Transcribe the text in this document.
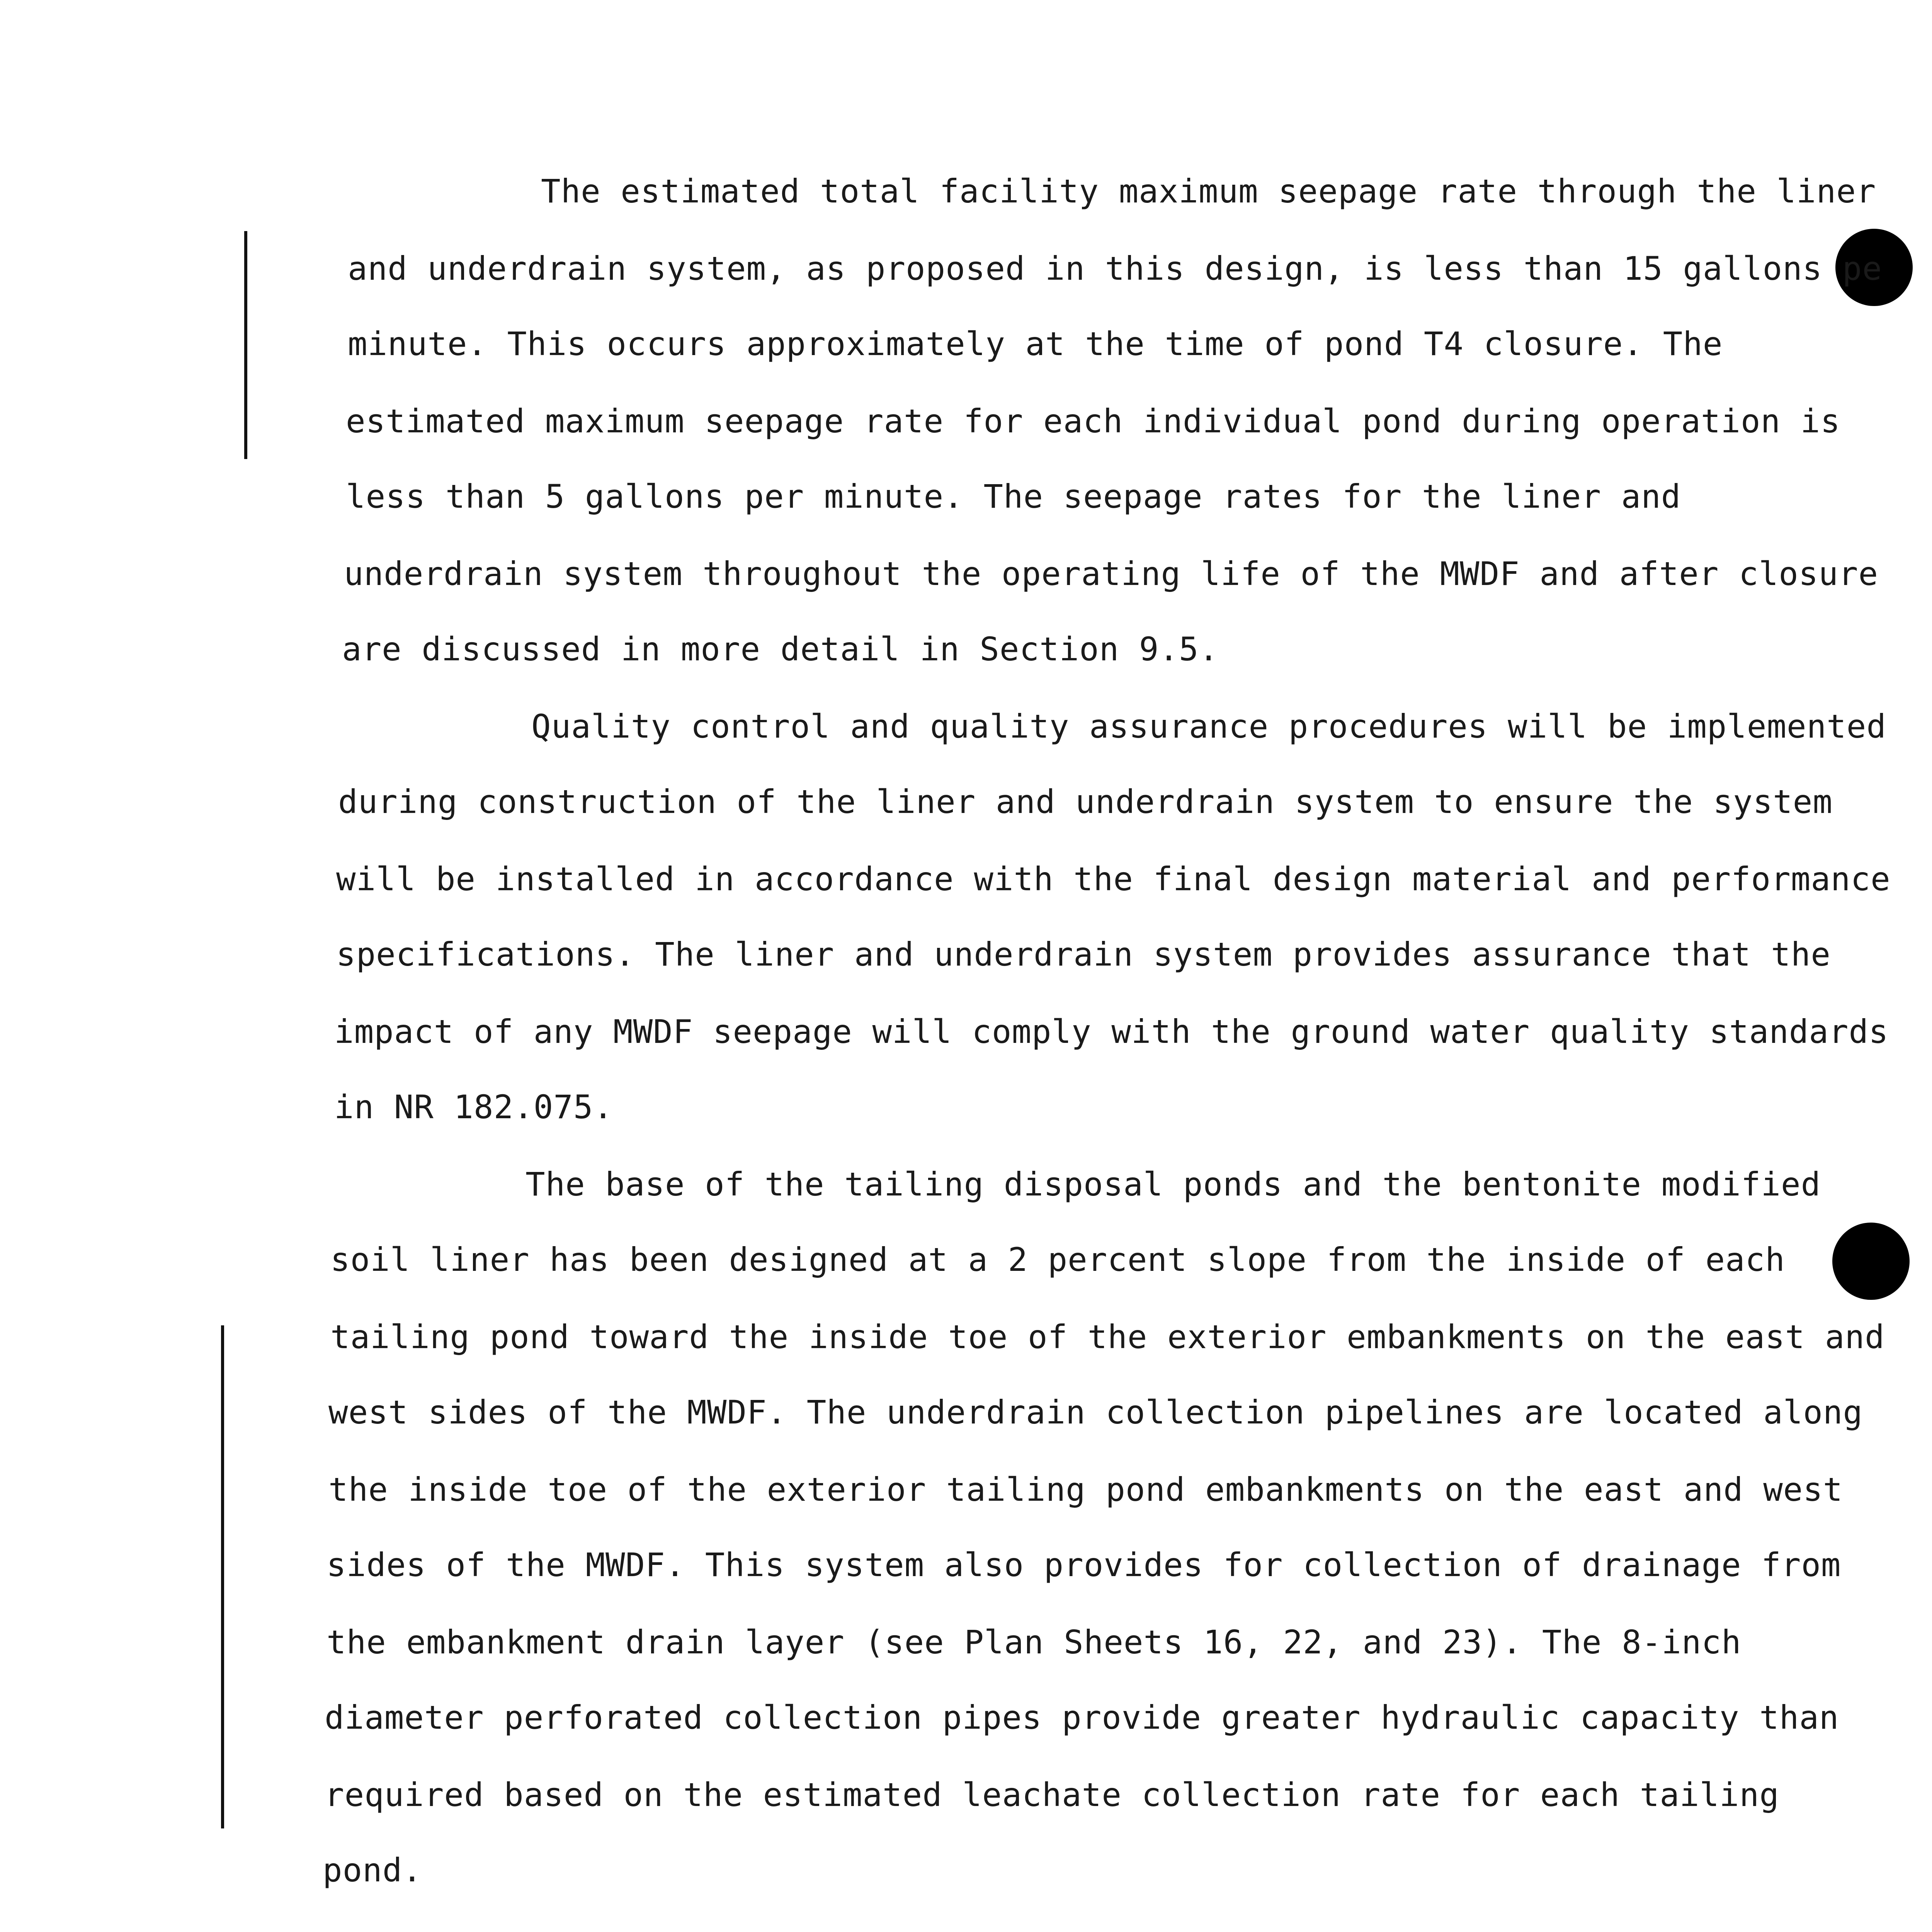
The estimated total facility maximum seepage rate through the liner
and underdrain system, as proposed in this design, is less than 15 gallons pe
minute. This occurs approximately at the time of pond T4 closure. The
estimated maximum seepage rate for each individual pond during operation is
less than 5 gallons per minute. The seepage rates for the liner and
underdrain system throughout the operating life of the MWDF and after closure
are discussed in more detail in Section 9.5.
Quality control and quality assurance procedures will be implemented
during construction of the liner and underdrain system to ensure the system
will be installed in accordance with the final design material and performance
specifications. The liner and underdrain system provides assurance that the
impact of any MWDF seepage will comply with the ground water quality standards
in NR 182.075.
The base of the tailing disposal ponds and the bentonite modified
soil liner has been designed at a 2 percent slope from the inside of each
tailing pond toward the inside toe of the exterior embankments on the east and
west sides of the MWDF. The underdrain collection pipelines are located along
the inside toe of the exterior tailing pond embankments on the east and west
sides of the MWDF. This system also provides for collection of drainage from
the embankment drain layer (see Plan Sheets 16, 22, and 23). The 8-inch
diameter perforated collection pipes provide greater hydraulic capacity than
required based on the estimated leachate collection rate for each tailing
pond.
